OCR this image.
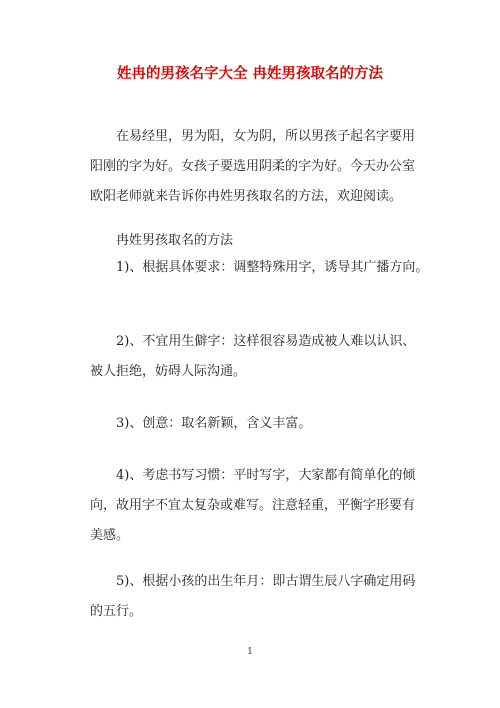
姓冉的男孩名字大全 冉姓男孩取名的方法

在易经里，男为阳，女为阴，所以男孩子起名字要用
阳刚的字为好。女孩子要选用阴柔的字为好。今天办公室
欧阳老师就来告诉你冉姓男孩取名的方法，欢迎阅读。

冉姓男孩取名的方法

1)、根据具体要求：调整特殊用字，诱导其广播方向。

2)、不宜用生僻字：这样很容易造成被人难以认识、
被人拒绝，妨碍人际沟通。

3)、创意：取名新颖，含义丰富。

4)、考虑书写习惯：平时写字，大家都有简单化的倾
向，故用字不宜太复杂或难写。注意轻重，平衡字形要有
美感。

5)、根据小孩的出生年月：即古谓生辰八字确定用码
的五行。

1
